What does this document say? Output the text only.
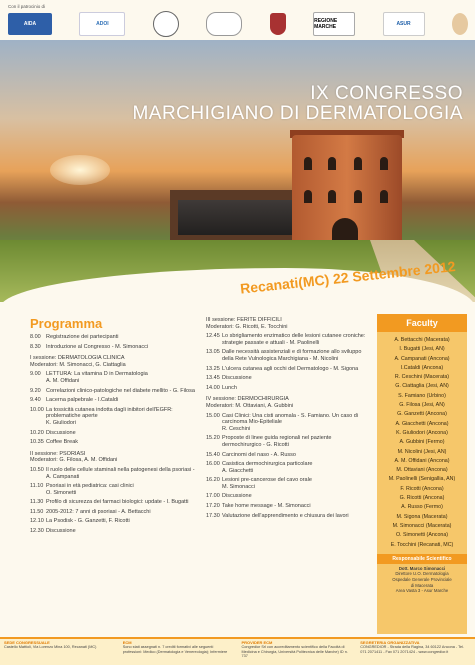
Con il patrocinio di
AIDA	ADOI	REGIONE MARCHE	ASUR
IX CONGRESSO
MARCHIGIANO DI DERMATOLOGIA
Recanati(MC) 22 Settembre 2012
Programma
8.00 Registrazione dei partecipanti
8.30 Introduzione al Congresso - M. Simonacci
I sessione: DERMATOLOGIA CLINICA
Moderatori: M. Simonacci, G. Ciattaglia
9.00 LETTURA: La vitamina D in Dermatologia
A. M. Offidani
9.20 Correlazioni clinico-patologiche nel diabete mellito - G. Filosa
9.40 Lacerna palpebrale - I.Cataldi
10.00 La tossicità cutanea indotta dagli inibitori dell'EGFR: problematiche aperte
K. Giuliodori
10.20 Discussione
10.35 Coffee Break
II sessione: PSORIASI
Moderatori: G. Filosa, A. M. Offidani
10.50 Il ruolo delle cellule staminali nella patogenesi della psoriasi - A. Campanati
11.10 Psoriasi in età pediatrica: casi clinici
O. Simonetti
11.30 Profilo di sicurezza dei farmaci biologici: update - I. Bugatti
11.50 2005-2012: 7 anni di psoriasi - A. Bettacchi
12.10 La Psodisk - G. Ganzetti, F. Ricotti
12.30 Discussione
III sessione: FERITE DIFFICILI
Moderatori: G. Ricotti, E. Tocchini
12.45 Lo sbrigliamento enzimatico delle lesioni cutanee croniche: strategie passate e attuali - M. Paolinelli
13.05 Dalle necessità assistenziali e di formazione allo sviluppo della Rete Vulnologica Marchigiana - M. Nicolini
13.25 L'ulcera cutanea agli occhi del Dermatologo - M. Sigona
13.45 Discussione
14.00 Lunch
IV sessione: DERMOCHIRURGIA
Moderatori: M. Ottaviani, A. Gubbini
15.00 Casi Clinici: Una cisti anomala - S. Famiano. Un caso di carcinoma Mio-Epiteliale
R. Ceschini
15.20 Proposte di linee guida regionali nel paziente dermochirurgico - G. Ricotti
15.40 Carcinomi del naso - A. Russo
16.00 Casistica dermochirurgica particolare
A. Giacchetti
16.20 Lesioni pre-cancerose del cavo orale
M. Simonacci
17.00 Discussione
17.20 Take home message - M. Simonacci
17.30 Valutazione dell'apprendimento e chiusura dei lavori
Faculty
A. Bettacchi (Macerata)
I. Bugatti (Jesi, AN)
A. Campanati (Ancona)
I.Cataldi (Ancona)
R. Ceschini (Macerata)
G. Ciattaglia (Jesi, AN)
S. Famiano (Urbino)
G. Filosa (Jesi, AN)
G. Ganzetti (Ancona)
A. Giacchetti (Ancona)
K. Giuliodori (Ancona)
A. Gubbini (Fermo)
M. Nicolini (Jesi, AN)
A. M. Offidani (Ancona)
M. Ottaviani (Ancona)
M. Paolinelli (Senigallia, AN)
F. Ricotti (Ancona)
G. Ricotti (Ancona)
A. Russo (Fermo)
M. Sigona (Macerata)
M. Simonacci (Macerata)
O. Simonetti (Ancona)
E. Tocchini (Recanati, MC)
Responsabile Scientifico
Dott. Marco Simonacci
Direttore U.O. Dermatologia
Ospedale Generale Provinciale
di Macerata
Area Vasta 3 - Asur Marche
SEDE CONGRESSUALE
Castello Mattioli, Via Lorenzo Mina 100, Recanati (MC)
ECM
Sono stati assegnati n. 7 crediti formativi alle seguenti professioni: Medico (Dermatologia e Venereologia); Infermiere
PROVIDER ECM
Congredior Srl con accreditamento scientifico della Facoltà di Medicina e Chirurgia, Università Politecnica delle Marche) ID n. 737
SEGRETERIA ORGANIZZATIVA
CONGREDIOR - Strada della Ragina, 34 60122 Ancona - Tel. 071 2071411 - Fax 071 2071424 - www.congredior.it
